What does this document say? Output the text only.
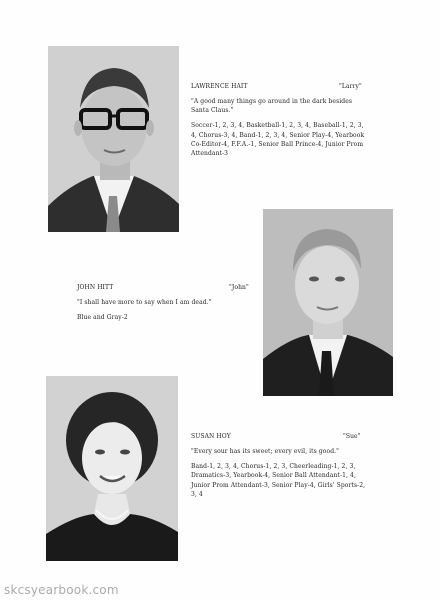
LAWRENCE HAIT	"Larry"
"A good many things go around in the dark besides Santa Claus."
Soccer-1, 2, 3, 4, Basketball-1, 2, 3, 4, Baseball-1, 2, 3, 4, Chorus-3, 4, Band-1, 2, 3, 4, Senior Play-4, Yearbook Co-Editor-4, F.F.A.-1, Senior Ball Prince-4, Junior Prom Attendant-3
JOHN HITT	"John"
"I shall have more to say when I am dead."
Blue and Gray-2
SUSAN HOY	"Sue"
"Every sour has its sweet; every evil, its good."
Band-1, 2, 3, 4, Chorus-1, 2, 3, Cheerleading-1, 2, 3, Dramatics-3, Yearbook-4, Senior Ball Attendant-1, 4, Junior Prom Attendant-3, Senior Play-4, Girls' Sports-2, 3, 4
skcsyearbook.com
